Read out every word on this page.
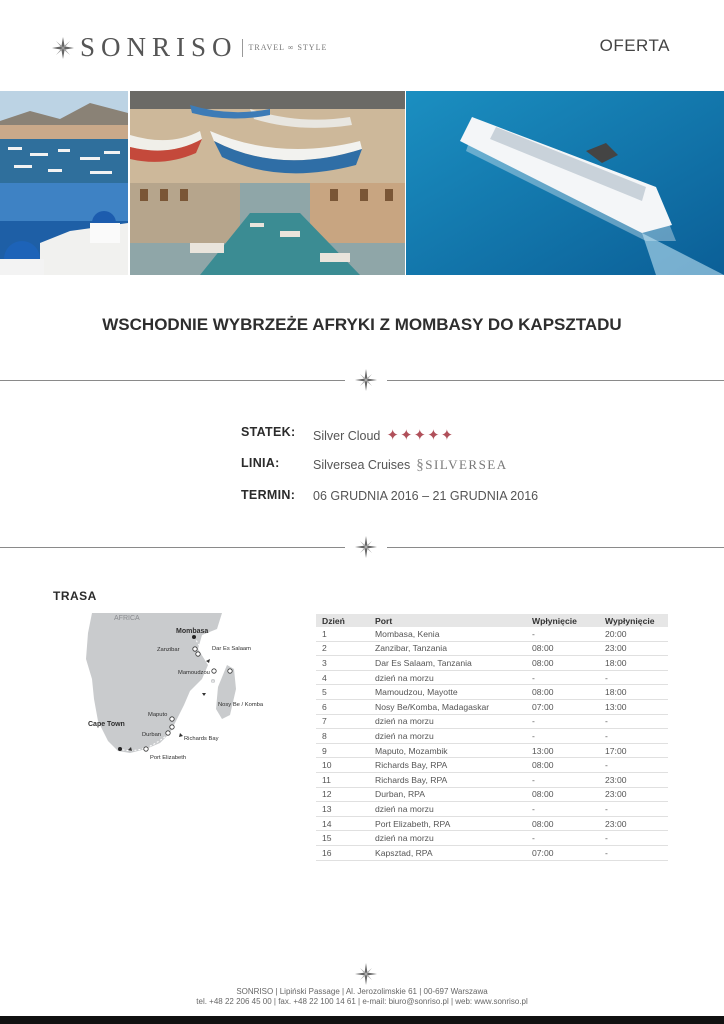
SONRISO TRAVEL ∞ STYLE	OFERTA
WSCHODNIE WYBRZEŻE AFRYKI Z MOMBASY DO KAPSZTADU
STATEK: Silver Cloud ✦✦✦✦✦
LINIA:	Silversea Cruises §SILVERSEA
TERMIN: 06 GRUDNIA 2016 – 21 GRUDNIA 2016
TRASA
AFRICA
Mombasa
Zanzibar	Dar Es Salaam
Mamoudzou
Nosy Be / Komba
Maputo
Cape Town
Durban
Richards Bay
Port Elizabeth
Dzień	Port	Wpłynięcie	Wypłynięcie
1	Mombasa, Kenia	-	20:00
2	Zanzibar, Tanzania	08:00	23:00
3	Dar Es Salaam, Tanzania	08:00	18:00
4	dzień na morzu	-	-
5	Mamoudzou, Mayotte	08:00	18:00
6	Nosy Be/Komba, Madagaskar	07:00	13:00
7	dzień na morzu	-	-
8	dzień na morzu	-	-
9	Maputo, Mozambik	13:00	17:00
10	Richards Bay, RPA	08:00	-
11	Richards Bay, RPA	-	23:00
12	Durban, RPA	08:00	23:00
13	dzień na morzu	-	-
14	Port Elizabeth, RPA	08:00	23:00
15	dzień na morzu	-	-
16	Kapsztad, RPA	07:00	-
SONRISO | Lipiński Passage | Al. Jerozolimskie 61 | 00-697 Warszawa
tel. +48 22 206 45 00 | fax. +48 22 100 14 61 | e-mail: biuro@sonriso.pl | web: www.sonriso.pl
